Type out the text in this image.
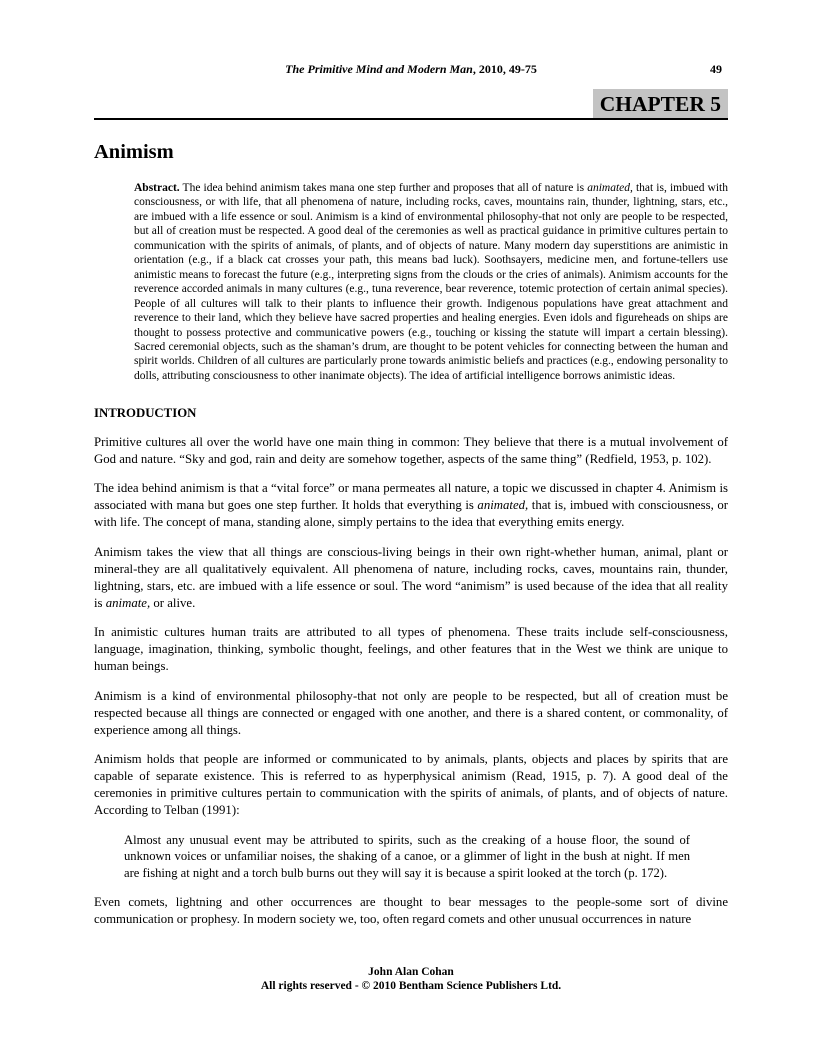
The Primitive Mind and Modern Man, 2010, 49-75	49
CHAPTER 5
Animism

Abstract. The idea behind animism takes mana one step further and proposes that all of nature is animated, that is, imbued with consciousness, or with life, that all phenomena of nature, including rocks, caves, mountains rain, thunder, lightning, stars, etc., are imbued with a life essence or soul. Animism is a kind of environmental philosophy-that not only are people to be respected, but all of creation must be respected. A good deal of the ceremonies as well as practical guidance in primitive cultures pertain to communication with the spirits of animals, of plants, and of objects of nature. Many modern day superstitions are animistic in orientation (e.g., if a black cat crosses your path, this means bad luck). Soothsayers, medicine men, and fortune-tellers use animistic means to forecast the future (e.g., interpreting signs from the clouds or the cries of animals). Animism accounts for the reverence accorded animals in many cultures (e.g., tuna reverence, bear reverence, totemic protection of certain animal species). People of all cultures will talk to their plants to influence their growth. Indigenous populations have great attachment and reverence to their land, which they believe have sacred properties and healing energies. Even idols and figureheads on ships are thought to possess protective and communicative powers (e.g., touching or kissing the statute will impart a certain blessing). Sacred ceremonial objects, such as the shaman’s drum, are thought to be potent vehicles for connecting between the human and spirit worlds. Children of all cultures are particularly prone towards animistic beliefs and practices (e.g., endowing personality to dolls, attributing consciousness to other inanimate objects). The idea of artificial intelligence borrows animistic ideas.

INTRODUCTION

Primitive cultures all over the world have one main thing in common: They believe that there is a mutual involvement of God and nature. “Sky and god, rain and deity are somehow together, aspects of the same thing” (Redfield, 1953, p. 102).

The idea behind animism is that a “vital force” or mana permeates all nature, a topic we discussed in chapter 4. Animism is associated with mana but goes one step further. It holds that everything is animated, that is, imbued with consciousness, or with life. The concept of mana, standing alone, simply pertains to the idea that everything emits energy.

Animism takes the view that all things are conscious-living beings in their own right-whether human, animal, plant or mineral-they are all qualitatively equivalent. All phenomena of nature, including rocks, caves, mountains rain, thunder, lightning, stars, etc. are imbued with a life essence or soul. The word “animism” is used because of the idea that all reality is animate, or alive.

In animistic cultures human traits are attributed to all types of phenomena. These traits include self-consciousness, language, imagination, thinking, symbolic thought, feelings, and other features that in the West we think are unique to human beings.

Animism is a kind of environmental philosophy-that not only are people to be respected, but all of creation must be respected because all things are connected or engaged with one another, and there is a shared content, or commonality, of experience among all things.

Animism holds that people are informed or communicated to by animals, plants, objects and places by spirits that are capable of separate existence. This is referred to as hyperphysical animism (Read, 1915, p. 7). A good deal of the ceremonies in primitive cultures pertain to communication with the spirits of animals, of plants, and of objects of nature. According to Telban (1991):

Almost any unusual event may be attributed to spirits, such as the creaking of a house floor, the sound of unknown voices or unfamiliar noises, the shaking of a canoe, or a glimmer of light in the bush at night. If men are fishing at night and a torch bulb burns out they will say it is because a spirit looked at the torch (p. 172).

Even comets, lightning and other occurrences are thought to bear messages to the people-some sort of divine communication or prophesy. In modern society we, too, often regard comets and other unusual occurrences in nature

John Alan Cohan
All rights reserved - © 2010 Bentham Science Publishers Ltd.
